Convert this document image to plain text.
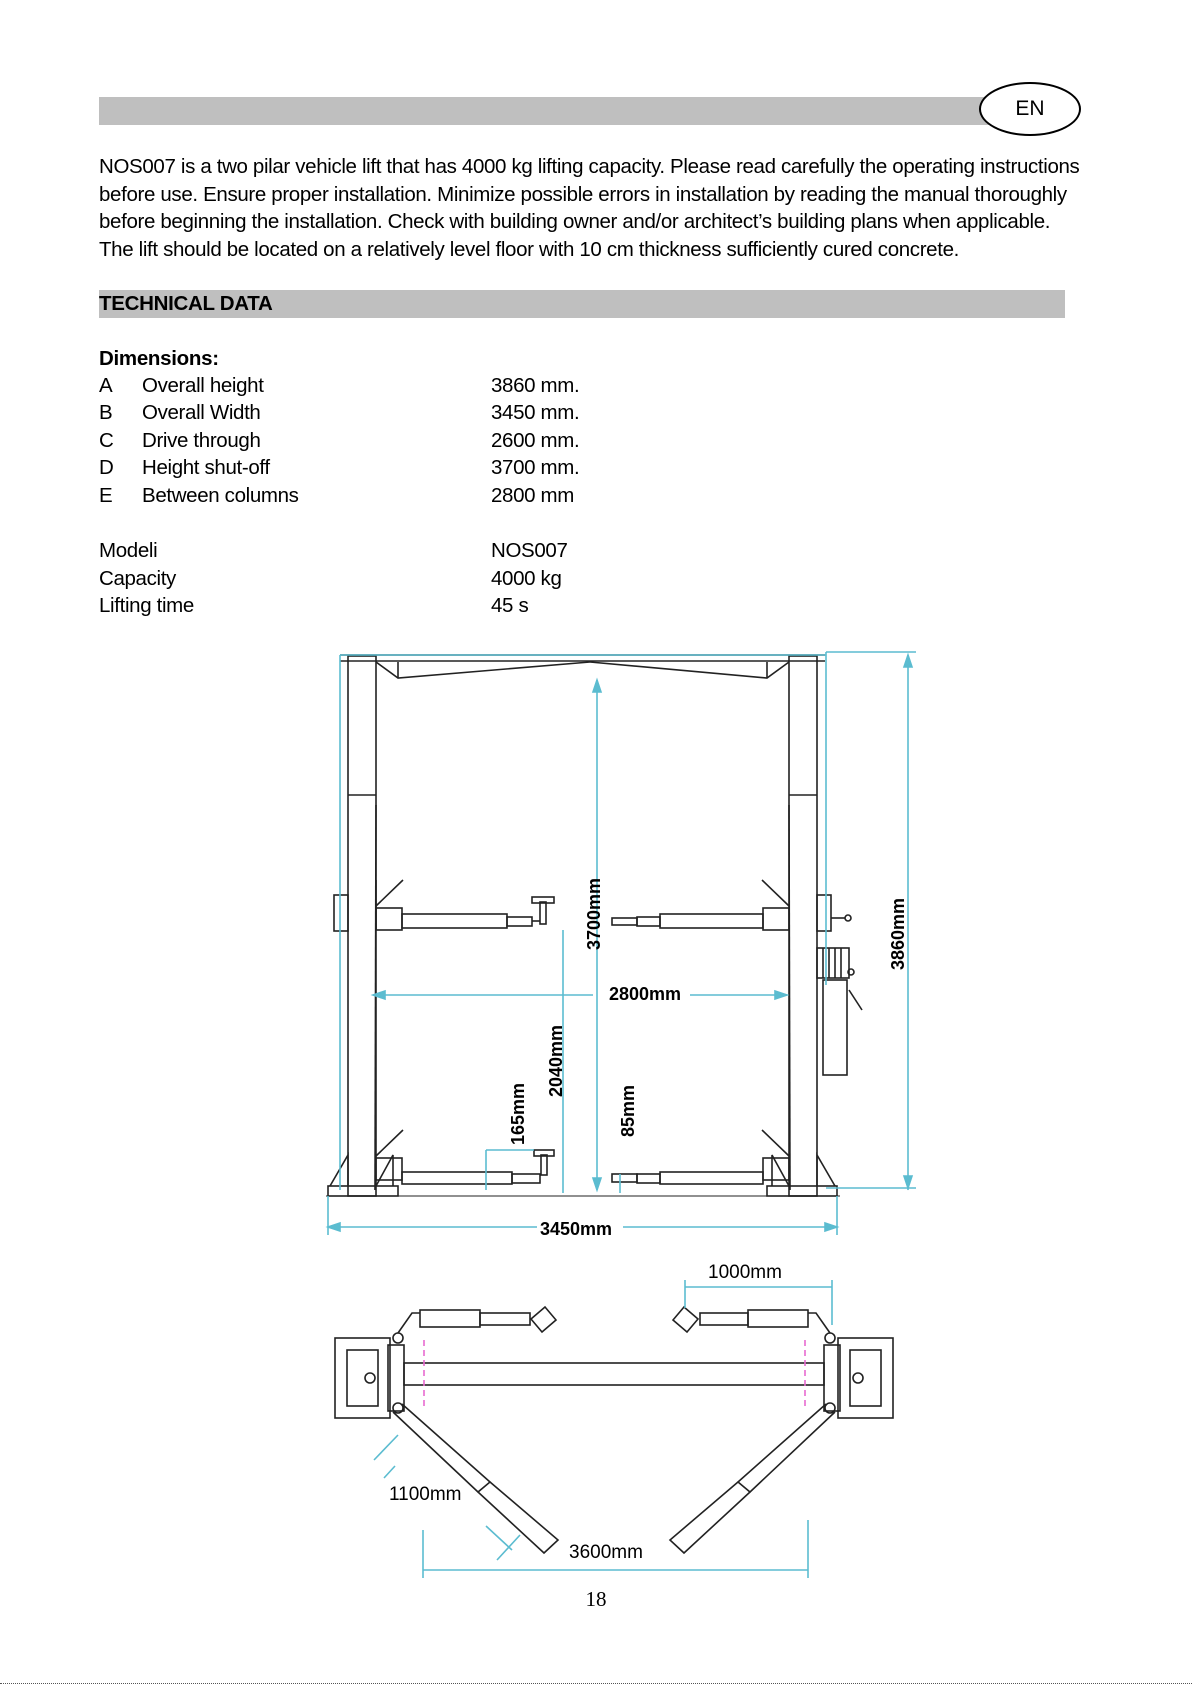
EN

NOS007 is a two pilar vehicle lift that has 4000 kg lifting capacity. Please read carefully the operating instructions before use. Ensure proper installation. Minimize possible errors in installation by reading the manual thoroughly before beginning the installation. Check with building owner and/or architect’s building plans when applicable. The lift should be located on a relatively level floor with 10 cm thickness sufficiently cured concrete.

TECHNICAL DATA
Dimensions:
A Overall height	3860 mm.
B Overall Width	3450 mm.
C Drive through	2600 mm.
D Height shut-off	3700 mm.
E Between columns	2800 mm
Modeli	NOS007
Capacity	4000 kg
Lifting time	45 s
3700mm	3860mm
2800mm
2040mm
165mm	85mm
3450mm
1000mm
1100mm
3600mm
18
